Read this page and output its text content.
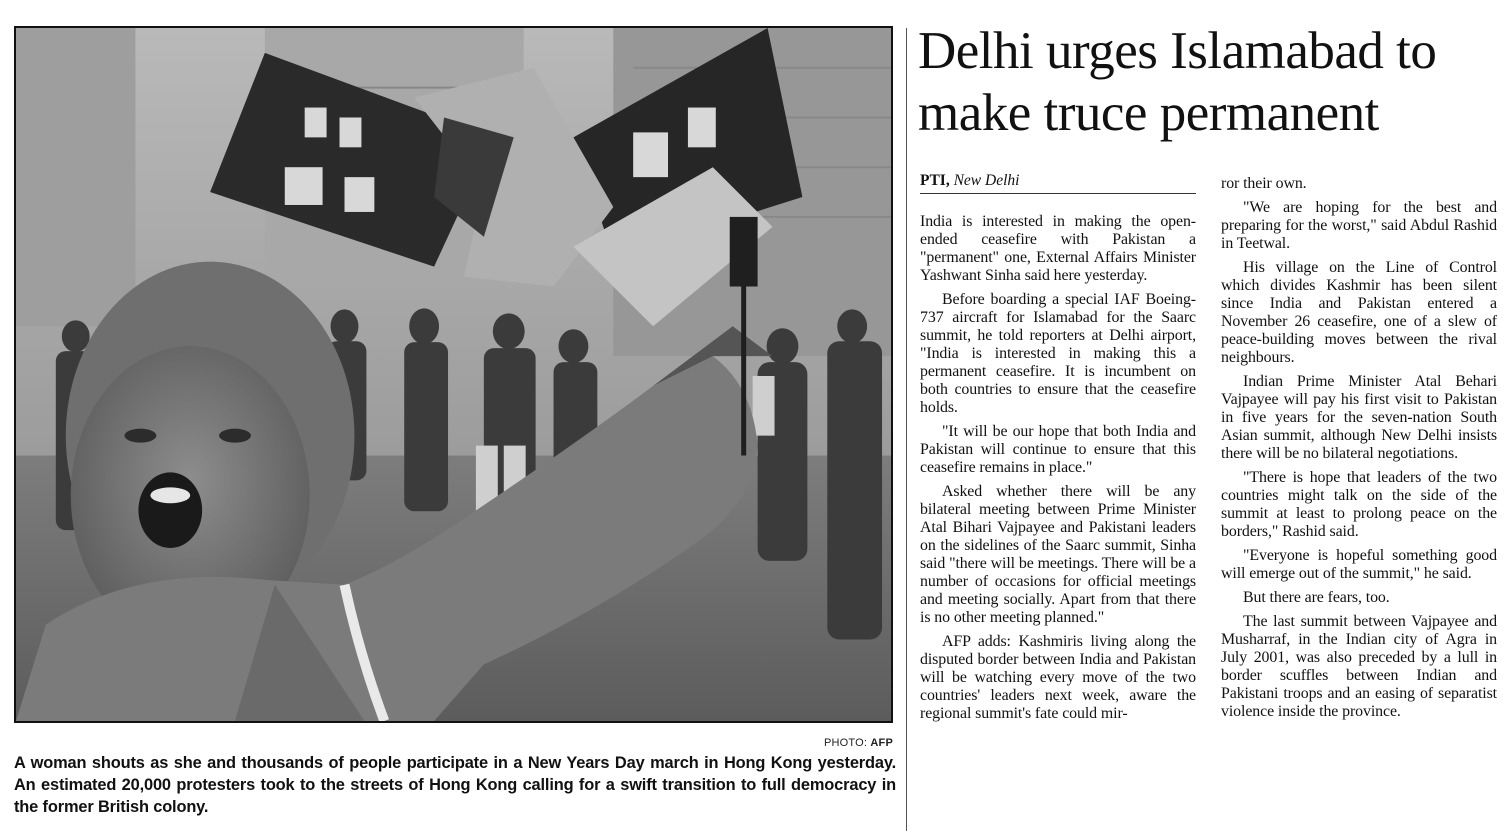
PHOTO: AFP
A woman shouts as she and thousands of people participate in a New Years Day march in Hong Kong yesterday. An estimated 20,000 protesters took to the streets of Hong Kong calling for a swift transition to full democracy in the former British colony.
Delhi urges Islamabad to make truce permanent
PTI, New Delhi

India is interested in making the open-ended ceasefire with Pakistan a "permanent" one, External Affairs Minister Yashwant Sinha said here yesterday.

Before boarding a special IAF Boeing-737 aircraft for Islamabad for the Saarc summit, he told reporters at Delhi airport, "India is interested in making this a permanent ceasefire. It is incumbent on both countries to ensure that the ceasefire holds.

"It will be our hope that both India and Pakistan will continue to ensure that this ceasefire remains in place."

Asked whether there will be any bilateral meeting between Prime Minister Atal Bihari Vajpayee and Pakistani leaders on the sidelines of the Saarc summit, Sinha said "there will be meetings. There will be a number of occasions for official meetings and meeting socially. Apart from that there is no other meeting planned."

AFP adds: Kashmiris living along the disputed border between India and Pakistan will be watching every move of the two countries' leaders next week, aware the regional summit's fate could mir-

ror their own.

"We are hoping for the best and preparing for the worst," said Abdul Rashid in Teetwal.

His village on the Line of Control which divides Kashmir has been silent since India and Pakistan entered a November 26 ceasefire, one of a slew of peace-building moves between the rival neighbours.

Indian Prime Minister Atal Behari Vajpayee will pay his first visit to Pakistan in five years for the seven-nation South Asian summit, although New Delhi insists there will be no bilateral negotiations.

"There is hope that leaders of the two countries might talk on the side of the summit at least to prolong peace on the borders," Rashid said.

"Everyone is hopeful something good will emerge out of the summit," he said.

But there are fears, too.

The last summit between Vajpayee and Musharraf, in the Indian city of Agra in July 2001, was also preceded by a lull in border scuffles between Indian and Pakistani troops and an easing of separatist violence inside the province.
